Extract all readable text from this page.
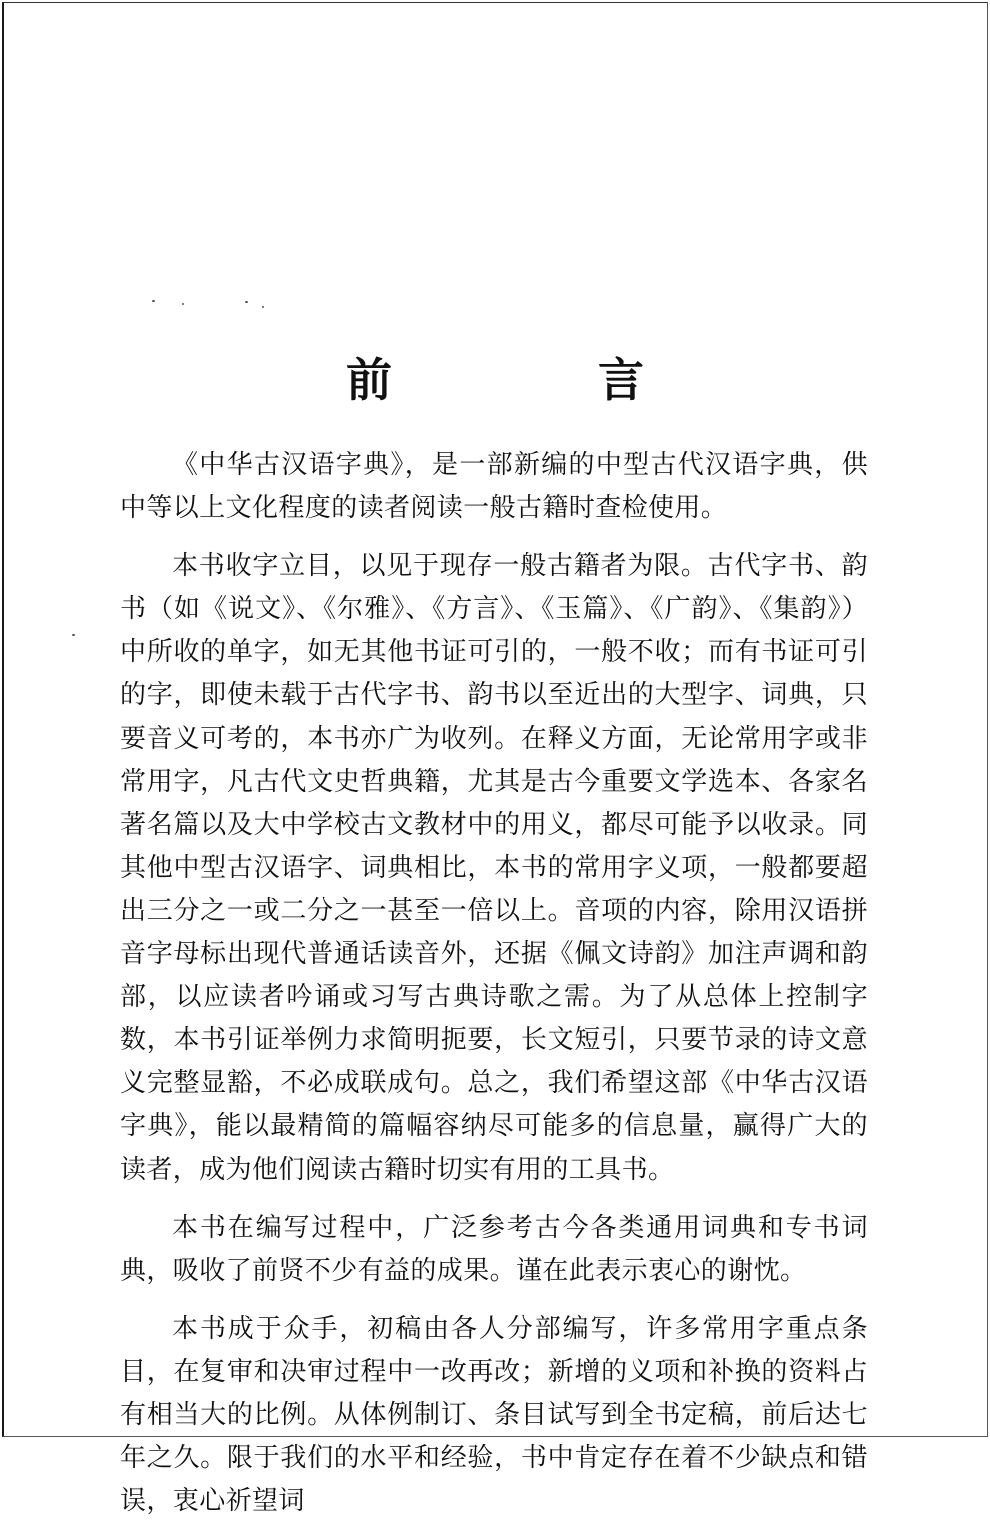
前　言

《中华古汉语字典》，是一部新编的中型古代汉语字典，供中等以上文化程度的读者阅读一般古籍时查检使用。

本书收字立目，以见于现存一般古籍者为限。古代字书、韵书（如《说文》、《尔雅》、《方言》、《玉篇》、《广韵》、《集韵》）中所收的单字，如无其他书证可引的，一般不收；而有书证可引的字，即使未载于古代字书、韵书以至近出的大型字、词典，只要音义可考的，本书亦广为收列。在释义方面，无论常用字或非常用字，凡古代文史哲典籍，尤其是古今重要文学选本、各家名著名篇以及大中学校古文教材中的用义，都尽可能予以收录。同其他中型古汉语字、词典相比，本书的常用字义项，一般都要超出三分之一或二分之一甚至一倍以上。音项的内容，除用汉语拼音字母标出现代普通话读音外，还据《佩文诗韵》加注声调和韵部，以应读者吟诵或习写古典诗歌之需。为了从总体上控制字数，本书引证举例力求简明扼要，长文短引，只要节录的诗文意义完整显豁，不必成联成句。总之，我们希望这部《中华古汉语字典》，能以最精简的篇幅容纳尽可能多的信息量，赢得广大的读者，成为他们阅读古籍时切实有用的工具书。

本书在编写过程中，广泛参考古今各类通用词典和专书词典，吸收了前贤不少有益的成果。谨在此表示衷心的谢忱。

本书成于众手，初稿由各人分部编写，许多常用字重点条目，在复审和决审过程中一改再改；新增的义项和补换的资料占有相当大的比例。从体例制订、条目试写到全书定稿，前后达七年之久。限于我们的水平和经验，书中肯定存在着不少缺点和错误，衷心祈望词
